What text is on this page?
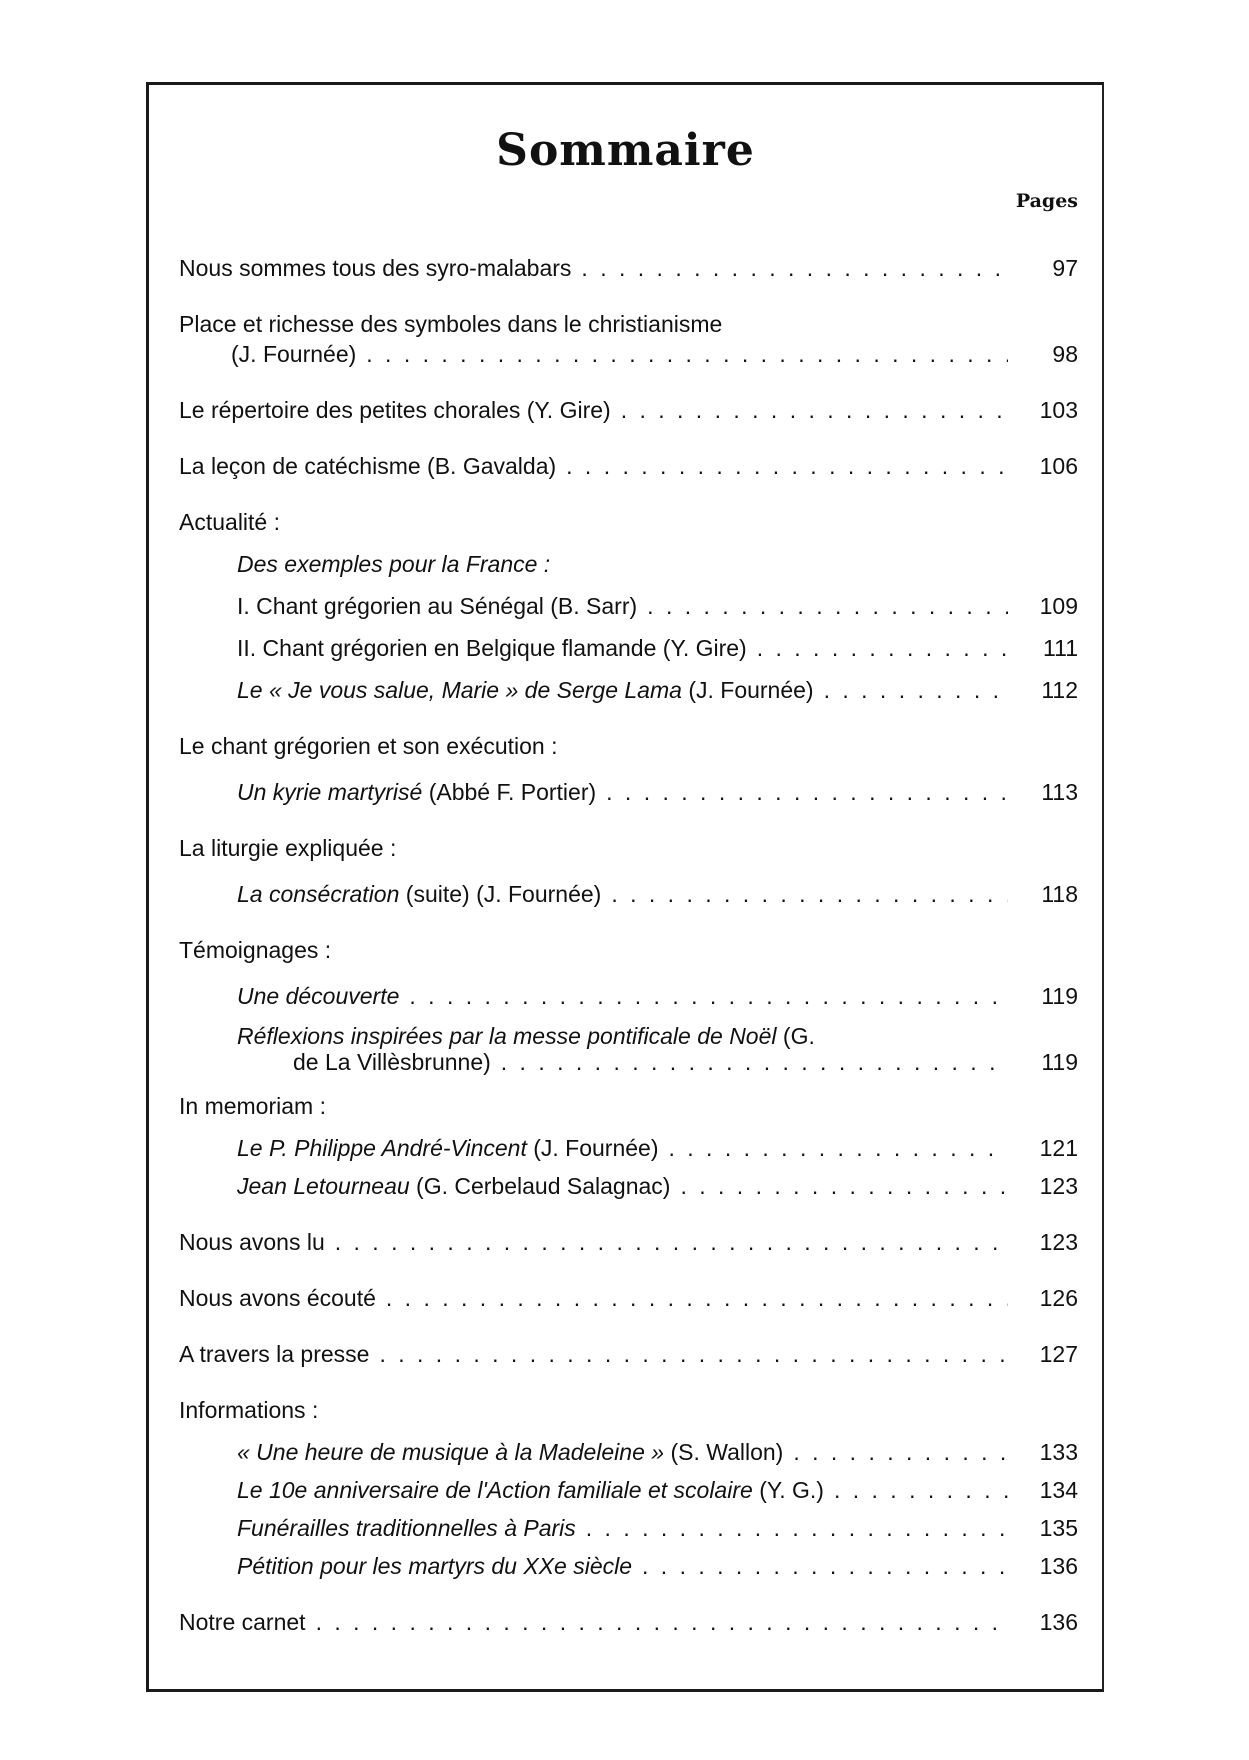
Sommaire
Pages
Nous sommes tous des syro-malabars . . .	97
Place et richesse des symboles dans le christianisme
(J. Fournée) . . .	98
Le répertoire des petites chorales (Y. Gire) . . .	103
La leçon de catéchisme (B. Gavalda) . . .	106
Actualité :
Des exemples pour la France :
I. Chant grégorien au Sénégal (B. Sarr) . . .	109
II. Chant grégorien en Belgique flamande (Y. Gire) . . .	111
Le « Je vous salue, Marie » de Serge Lama (J. Fournée) . . .	112
Le chant grégorien et son exécution :
Un kyrie martyrisé (Abbé F. Portier) . . .	113
La liturgie expliquée :
La consécration (suite) (J. Fournée) . . .	118
Témoignages :
Une découverte . . .	119
Réflexions inspirées par la messe pontificale de Noël (G.
de La Villèsbrunne) . . .	119
In memoriam :
Le P. Philippe André-Vincent (J. Fournée) . . .	121
Jean Letourneau (G. Cerbelaud Salagnac) . . .	123
Nous avons lu . . .	123
Nous avons écouté . . .	126
A travers la presse . . .	127
Informations :
« Une heure de musique à la Madeleine » (S. Wallon) . . .	133
Le 10e anniversaire de l'Action familiale et scolaire (Y. G.) . . .	134
Funérailles traditionnelles à Paris . . .	135
Pétition pour les martyrs du XXe siècle . . .	136
Notre carnet . . .	136
